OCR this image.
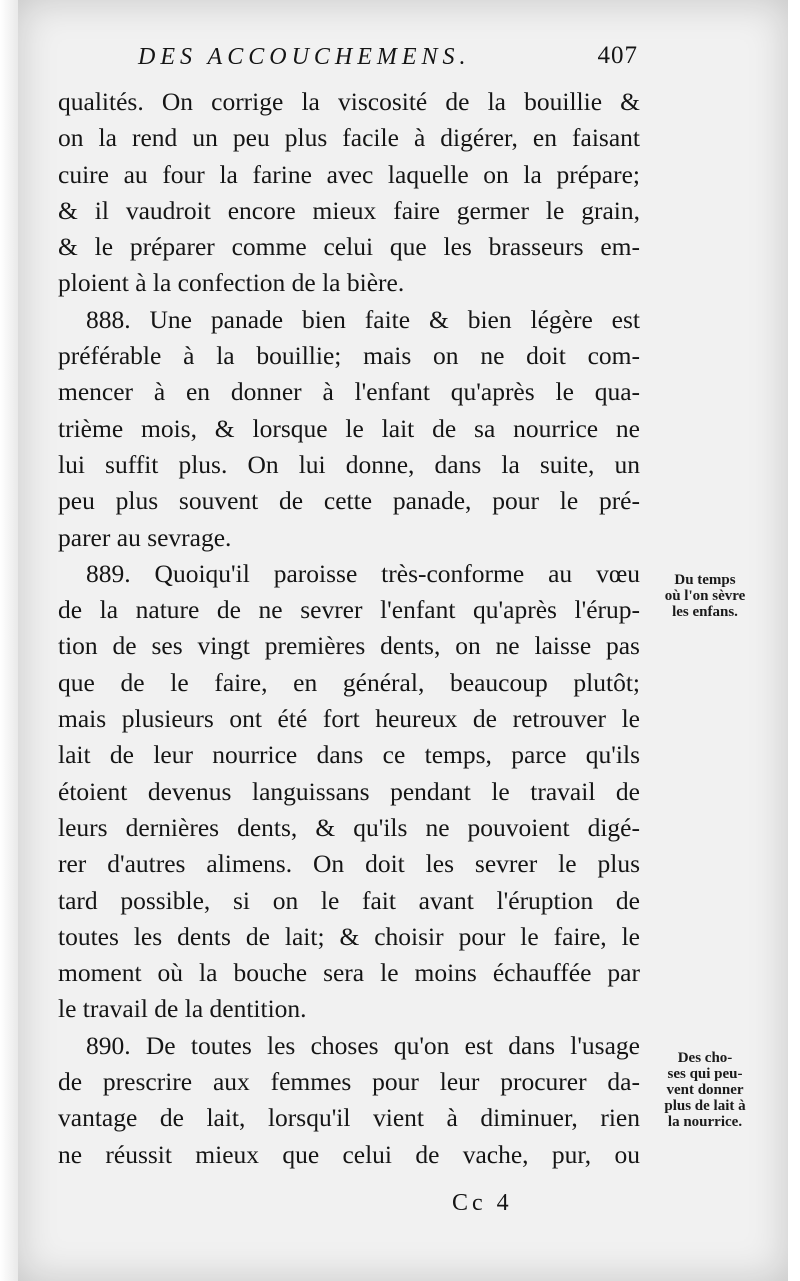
DES ACCOUCHEMENS.	407
qualités. On corrige la viscosité de la bouillie &
on la rend un peu plus facile à digérer, en faisant
cuire au four la farine avec laquelle on la prépare;
& il vaudroit encore mieux faire germer le grain,
& le préparer comme celui que les brasseurs em-
ploient à la confection de la bière.
888. Une panade bien faite & bien légère est
préférable à la bouillie; mais on ne doit com-
mencer à en donner à l'enfant qu'après le qua-
trième mois, & lorsque le lait de sa nourrice ne
lui suffit plus. On lui donne, dans la suite, un
peu plus souvent de cette panade, pour le pré-
parer au sevrage.
889. Quoiqu'il paroisse très-conforme au vœu
de la nature de ne sevrer l'enfant qu'après l'érup-
tion de ses vingt premières dents, on ne laisse pas
que de le faire, en général, beaucoup plutôt;
mais plusieurs ont été fort heureux de retrouver le
lait de leur nourrice dans ce temps, parce qu'ils
étoient devenus languissans pendant le travail de
leurs dernières dents, & qu'ils ne pouvoient digé-
rer d'autres alimens. On doit les sevrer le plus
tard possible, si on le fait avant l'éruption de
toutes les dents de lait; & choisir pour le faire, le
moment où la bouche sera le moins échauffée par
le travail de la dentition.
890. De toutes les choses qu'on est dans l'usage
de prescrire aux femmes pour leur procurer da-
vantage de lait, lorsqu'il vient à diminuer, rien
ne réussit mieux que celui de vache, pur, ou
Du temps
où l'on sèvre
les enfans.
Des cho-
ses qui peu-
vent donner
plus de lait à
la nourrice.
Cc 4
